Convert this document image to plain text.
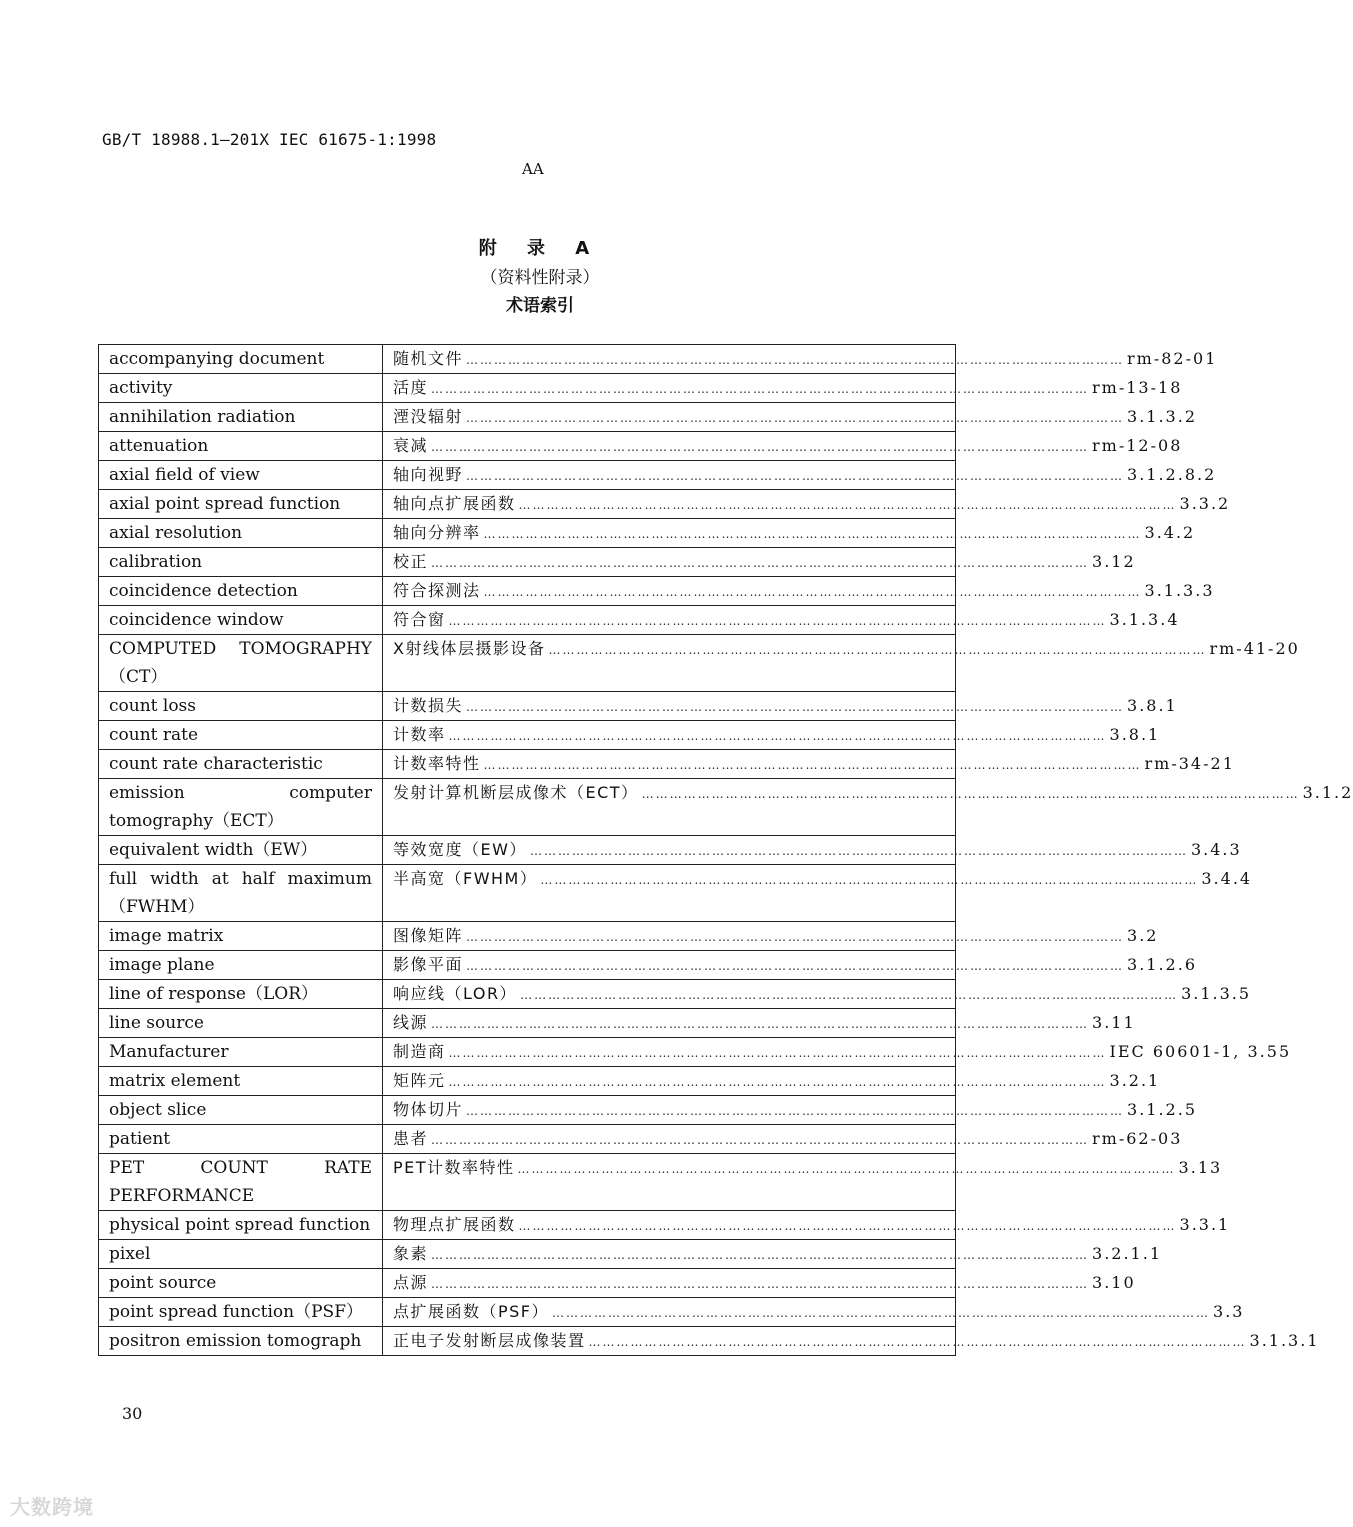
GB/T 18988.1—201X IEC 61675-1:1998
AA
附 录 A
（资料性附录）
术语索引
accompanying document	随机文件 …………………………………………………………………………………………………………………………… rm-82-01

activity	活度 …………………………………………………………………………………………………………………………… rm-13-18

annihilation radiation	湮没辐射 …………………………………………………………………………………………………………………………… 3.1.3.2

attenuation	衰减 …………………………………………………………………………………………………………………………… rm-12-08

axial field of view	轴向视野 …………………………………………………………………………………………………………………………… 3.1.2.8.2

axial point spread function	轴向点扩展函数 …………………………………………………………………………………………………………………………… 3.3.2

axial resolution	轴向分辨率 …………………………………………………………………………………………………………………………… 3.4.2

calibration	校正 …………………………………………………………………………………………………………………………… 3.12

coincidence detection	符合探测法 …………………………………………………………………………………………………………………………… 3.1.3.3

coincidence window	符合窗 …………………………………………………………………………………………………………………………… 3.1.3.4

COMPUTED TOMOGRAPHY（CT）	X射线体层摄影设备 …………………………………………………………………………………………………………………………… rm-41-20

count loss	计数损失 …………………………………………………………………………………………………………………………… 3.8.1

count rate	计数率 …………………………………………………………………………………………………………………………… 3.8.1

count rate characteristic	计数率特性 …………………………………………………………………………………………………………………………… rm-34-21

emission computer tomography（ECT）	发射计算机断层成像术（ECT） …………………………………………………………………………………………………………………………… 3.1.2

equivalent width（EW）	等效宽度（EW） …………………………………………………………………………………………………………………………… 3.4.3

full width at half maximum（FWHM）	半高宽（FWHM） …………………………………………………………………………………………………………………………… 3.4.4

image matrix	图像矩阵 …………………………………………………………………………………………………………………………… 3.2

image plane	影像平面 …………………………………………………………………………………………………………………………… 3.1.2.6

line of response（LOR）	响应线（LOR） …………………………………………………………………………………………………………………………… 3.1.3.5

line source	线源 …………………………………………………………………………………………………………………………… 3.11

Manufacturer	制造商 …………………………………………………………………………………………………………………………… IEC 60601-1, 3.55

matrix element	矩阵元 …………………………………………………………………………………………………………………………… 3.2.1

object slice	物体切片 …………………………………………………………………………………………………………………………… 3.1.2.5

patient	患者 …………………………………………………………………………………………………………………………… rm-62-03

PET COUNT RATE PERFORMANCE	PET计数率特性 …………………………………………………………………………………………………………………………… 3.13

physical point spread function	物理点扩展函数 …………………………………………………………………………………………………………………………… 3.3.1

pixel	象素 …………………………………………………………………………………………………………………………… 3.2.1.1

point source	点源 …………………………………………………………………………………………………………………………… 3.10

point spread function（PSF）	点扩展函数（PSF） …………………………………………………………………………………………………………………………… 3.3

positron emission tomograph	正电子发射断层成像装置 …………………………………………………………………………………………………………………………… 3.1.3.1
30
大数跨境
